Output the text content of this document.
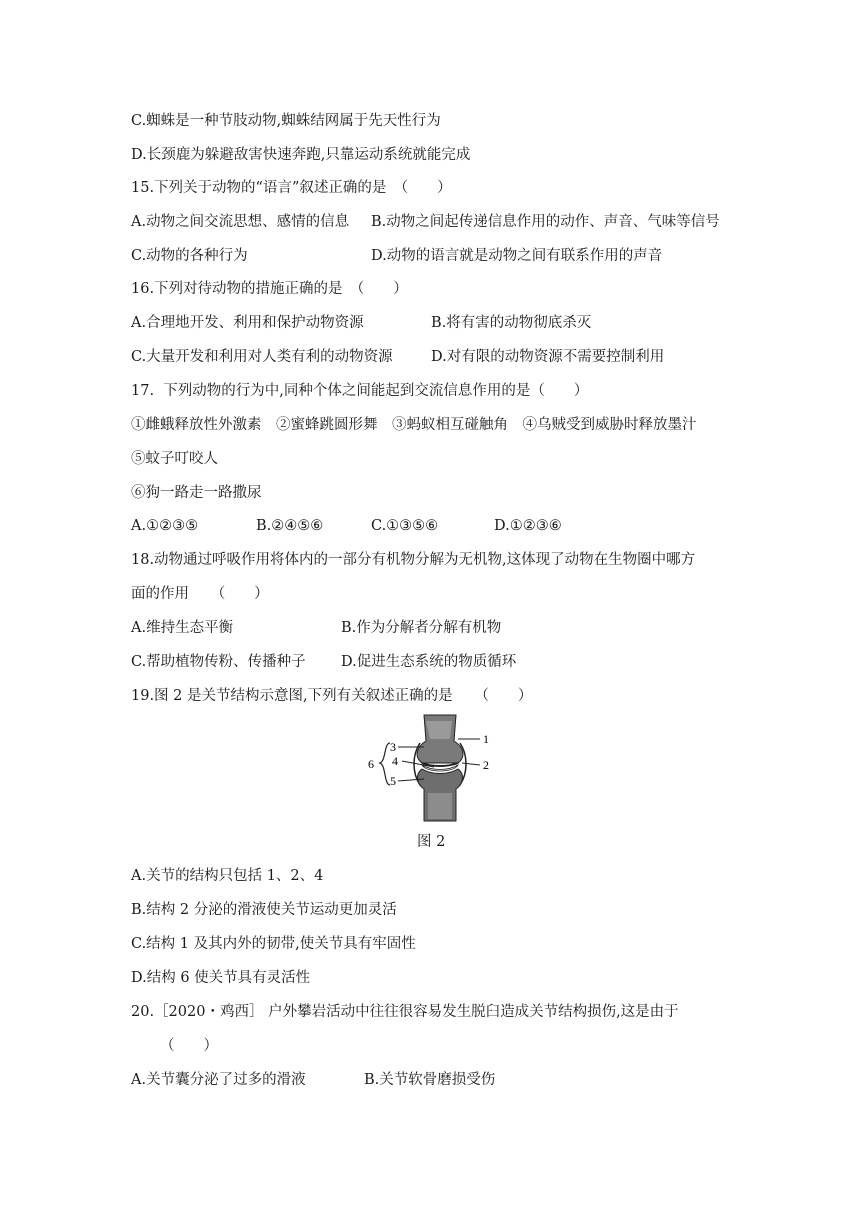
C.蜘蛛是一种节肢动物,蜘蛛结网属于先天性行为
D.长颈鹿为躲避敌害快速奔跑,只靠运动系统就能完成
15.下列关于动物的“语言”叙述正确的是　（　　）
A.动物之间交流思想、感情的信息 B.动物之间起传递信息作用的动作、声音、气味等信号
C.动物的各种行为	D.动物的语言就是动物之间有联系作用的声音
16.下列对待动物的措施正确的是　（　　）
A.合理地开发、利用和保护动物资源	B.将有害的动物彻底杀灭
C.大量开发和利用对人类有利的动物资源	D.对有限的动物资源不需要控制利用
17.  下列动物的行为中,同种个体之间能起到交流信息作用的是（　　）
①雌蛾释放性外激素　②蜜蜂跳圆形舞　③蚂蚁相互碰触角　④乌贼受到威胁时释放墨汁
⑤蚊子叮咬人
⑥狗一路走一路撒尿
A.①②③⑤	B.②④⑤⑥	C.①③⑤⑥	D.①②③⑥
18.动物通过呼吸作用将体内的一部分有机物分解为无机物,这体现了动物在生物圈中哪方
面的作用　　（　　）
A.维持生态平衡	B.作为分解者分解有机物
C.帮助植物传粉、传播种子 D.促进生态系统的物质循环
19.图 2 是关节结构示意图,下列有关叙述正确的是　　（　　）
1
2
3
4
5
6
图 2
A.关节的结构只包括 1、2、4
B.结构 2 分泌的滑液使关节运动更加灵活
C.结构 1 及其内外的韧带,使关节具有牢固性
D.结构 6 使关节具有灵活性
20.［2020・鸡西］ 户外攀岩活动中往往很容易发生脱臼造成关节结构损伤,这是由于
（　　）
A.关节囊分泌了过多的滑液	B.关节软骨磨损受伤
